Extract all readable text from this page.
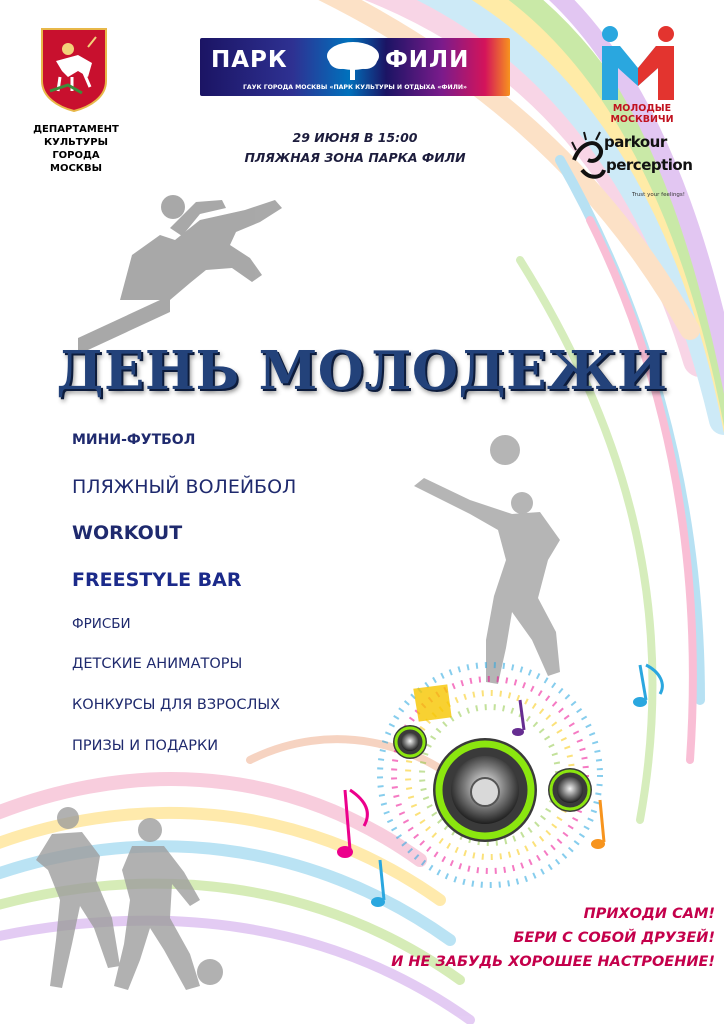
ДЕПАРТАМЕНТ
КУЛЬТУРЫ
ГОРОДА
МОСКВЫ
ПАРК	ФИЛИ
ГАУК ГОРОДА МОСКВЫ «ПАРК КУЛЬТУРЫ И ОТДЫХА «ФИЛИ»
29 ИЮНЯ В 15:00
ПЛЯЖНАЯ ЗОНА ПАРКА ФИЛИ
МОЛОДЫЕ
МОСКВИЧИ
parkour
perception
Trust your feelings!
ДЕНЬ МОЛОДЕЖИ
МИНИ-ФУТБОЛ
ПЛЯЖНЫЙ ВОЛЕЙБОЛ
WORKOUT
FREESTYLE BAR
ФРИСБИ
ДЕТСКИЕ АНИМАТОРЫ
КОНКУРСЫ ДЛЯ ВЗРОСЛЫХ
ПРИЗЫ И ПОДАРКИ
ПРИХОДИ САМ!
БЕРИ С СОБОЙ ДРУЗЕЙ!
И НЕ ЗАБУДЬ ХОРОШЕЕ НАСТРОЕНИЕ!
